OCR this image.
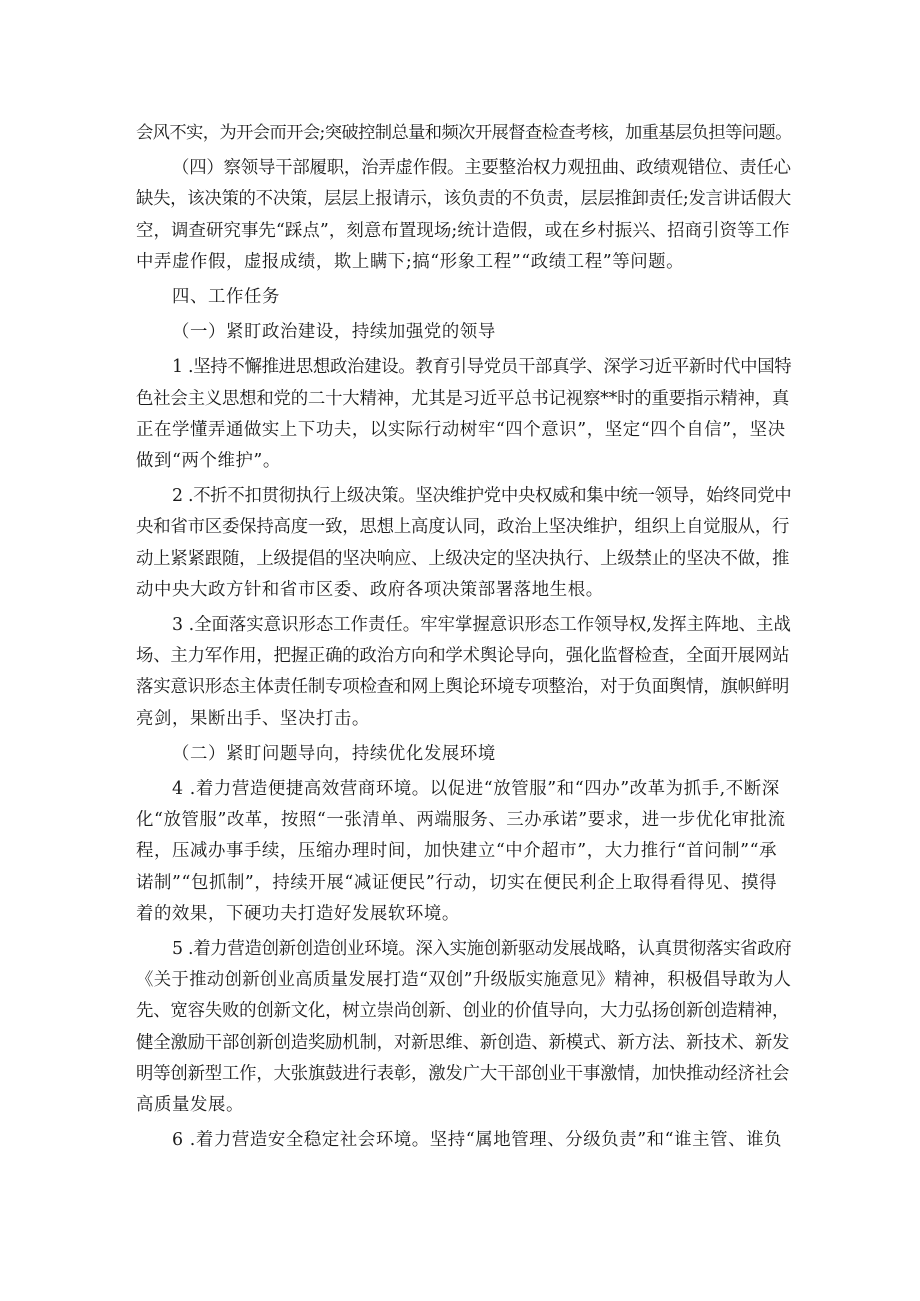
会风不实，为开会而开会;突破控制总量和频次开展督查检查考核，加重基层负担等问题。

（四）察领导干部履职，治弄虚作假。主要整治权力观扭曲、政绩观错位、责任心
缺失，该决策的不决策，层层上报请示，该负责的不负责，层层推卸责任;发言讲话假大
空，调查研究事先“踩点”，刻意布置现场;统计造假，或在乡村振兴、招商引资等工作
中弄虚作假，虚报成绩，欺上瞒下;搞“形象工程”“政绩工程”等问题。

四、工作任务

（一）紧盯政治建设，持续加强党的领导

1 .坚持不懈推进思想政治建设。教育引导党员干部真学、深学习近平新时代中国特
色社会主义思想和党的二十大精神，尤其是习近平总书记视察**时的重要指示精神，真
正在学懂弄通做实上下功夫，以实际行动树牢“四个意识”，坚定“四个自信”，坚决
做到“两个维护”。

2 .不折不扣贯彻执行上级决策。坚决维护党中央权威和集中统一领导，始终同党中
央和省市区委保持高度一致，思想上高度认同，政治上坚决维护，组织上自觉服从，行
动上紧紧跟随，上级提倡的坚决响应、上级决定的坚决执行、上级禁止的坚决不做，推
动中央大政方针和省市区委、政府各项决策部署落地生根。

3 .全面落实意识形态工作责任。牢牢掌握意识形态工作领导权,发挥主阵地、主战
场、主力军作用，把握正确的政治方向和学术舆论导向，强化监督检查，全面开展网站
落实意识形态主体责任制专项检查和网上舆论环境专项整治，对于负面舆情，旗帜鲜明
亮剑，果断出手、坚决打击。

（二）紧盯问题导向，持续优化发展环境

4 .着力营造便捷高效营商环境。以促进“放管服”和“四办”改革为抓手,不断深
化“放管服”改革，按照“一张清单、两端服务、三办承诺”要求，进一步优化审批流
程，压减办事手续，压缩办理时间，加快建立“中介超市”，大力推行“首问制”“承
诺制”“包抓制”，持续开展“减证便民”行动，切实在便民利企上取得看得见、摸得
着的效果，下硬功夫打造好发展软环境。

5 .着力营造创新创造创业环境。深入实施创新驱动发展战略，认真贯彻落实省政府
《关于推动创新创业高质量发展打造“双创”升级版实施意见》精神，积极倡导敢为人
先、宽容失败的创新文化，树立崇尚创新、创业的价值导向，大力弘扬创新创造精神，
健全激励干部创新创造奖励机制，对新思维、新创造、新模式、新方法、新技术、新发
明等创新型工作，大张旗鼓进行表彰，激发广大干部创业干事激情，加快推动经济社会
高质量发展。

6 .着力营造安全稳定社会环境。坚持“属地管理、分级负责”和“谁主管、谁负
